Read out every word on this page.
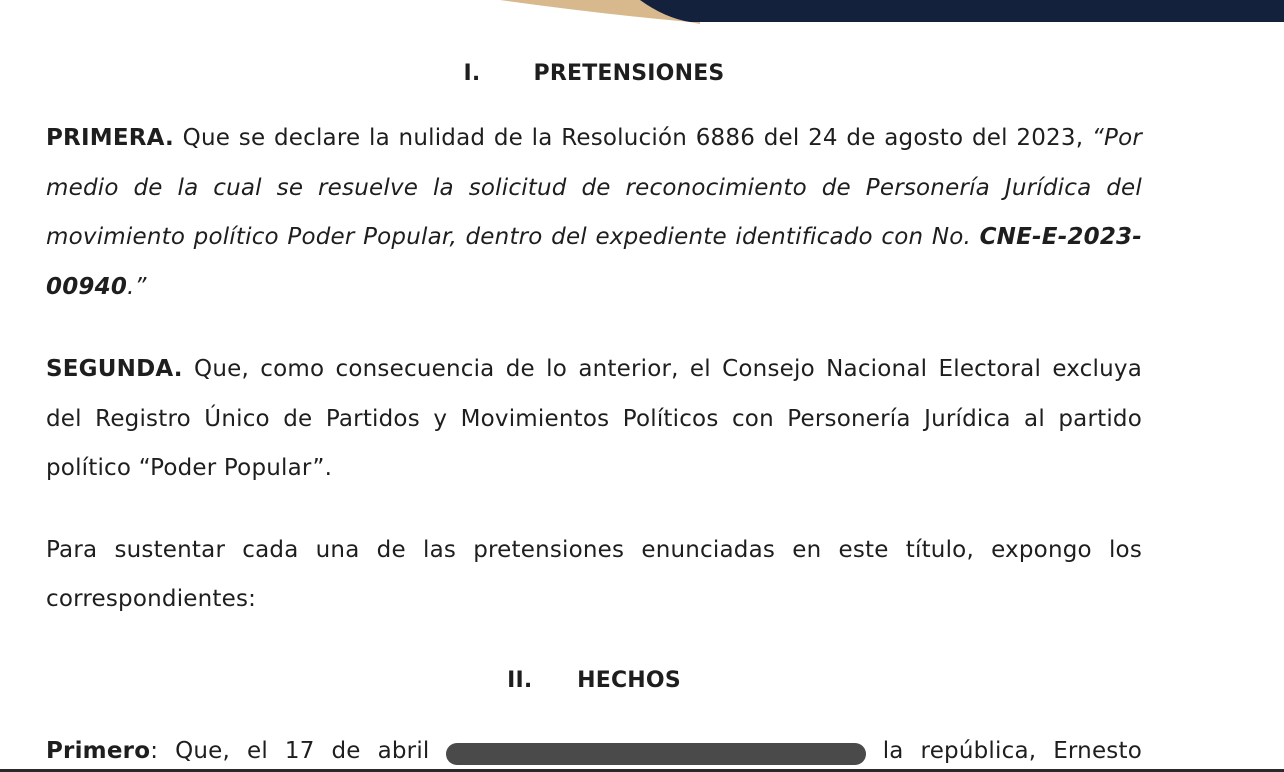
I. PRETENSIONES

PRIMERA. Que se declare la nulidad de la Resolución 6886 del 24 de agosto del 2023, “Por medio de la cual se resuelve la solicitud de reconocimiento de Personería Jurídica del movimiento político Poder Popular, dentro del expediente identificado con No. CNE-E-2023-00940.”

SEGUNDA. Que, como consecuencia de lo anterior, el Consejo Nacional Electoral excluya del Registro Único de Partidos y Movimientos Políticos con Personería Jurídica al partido político “Poder Popular”.

Para sustentar cada una de las pretensiones enunciadas en este título, expongo los correspondientes:

II. HECHOS

Primero: Que, el 17 de abril	la república, Ernesto
